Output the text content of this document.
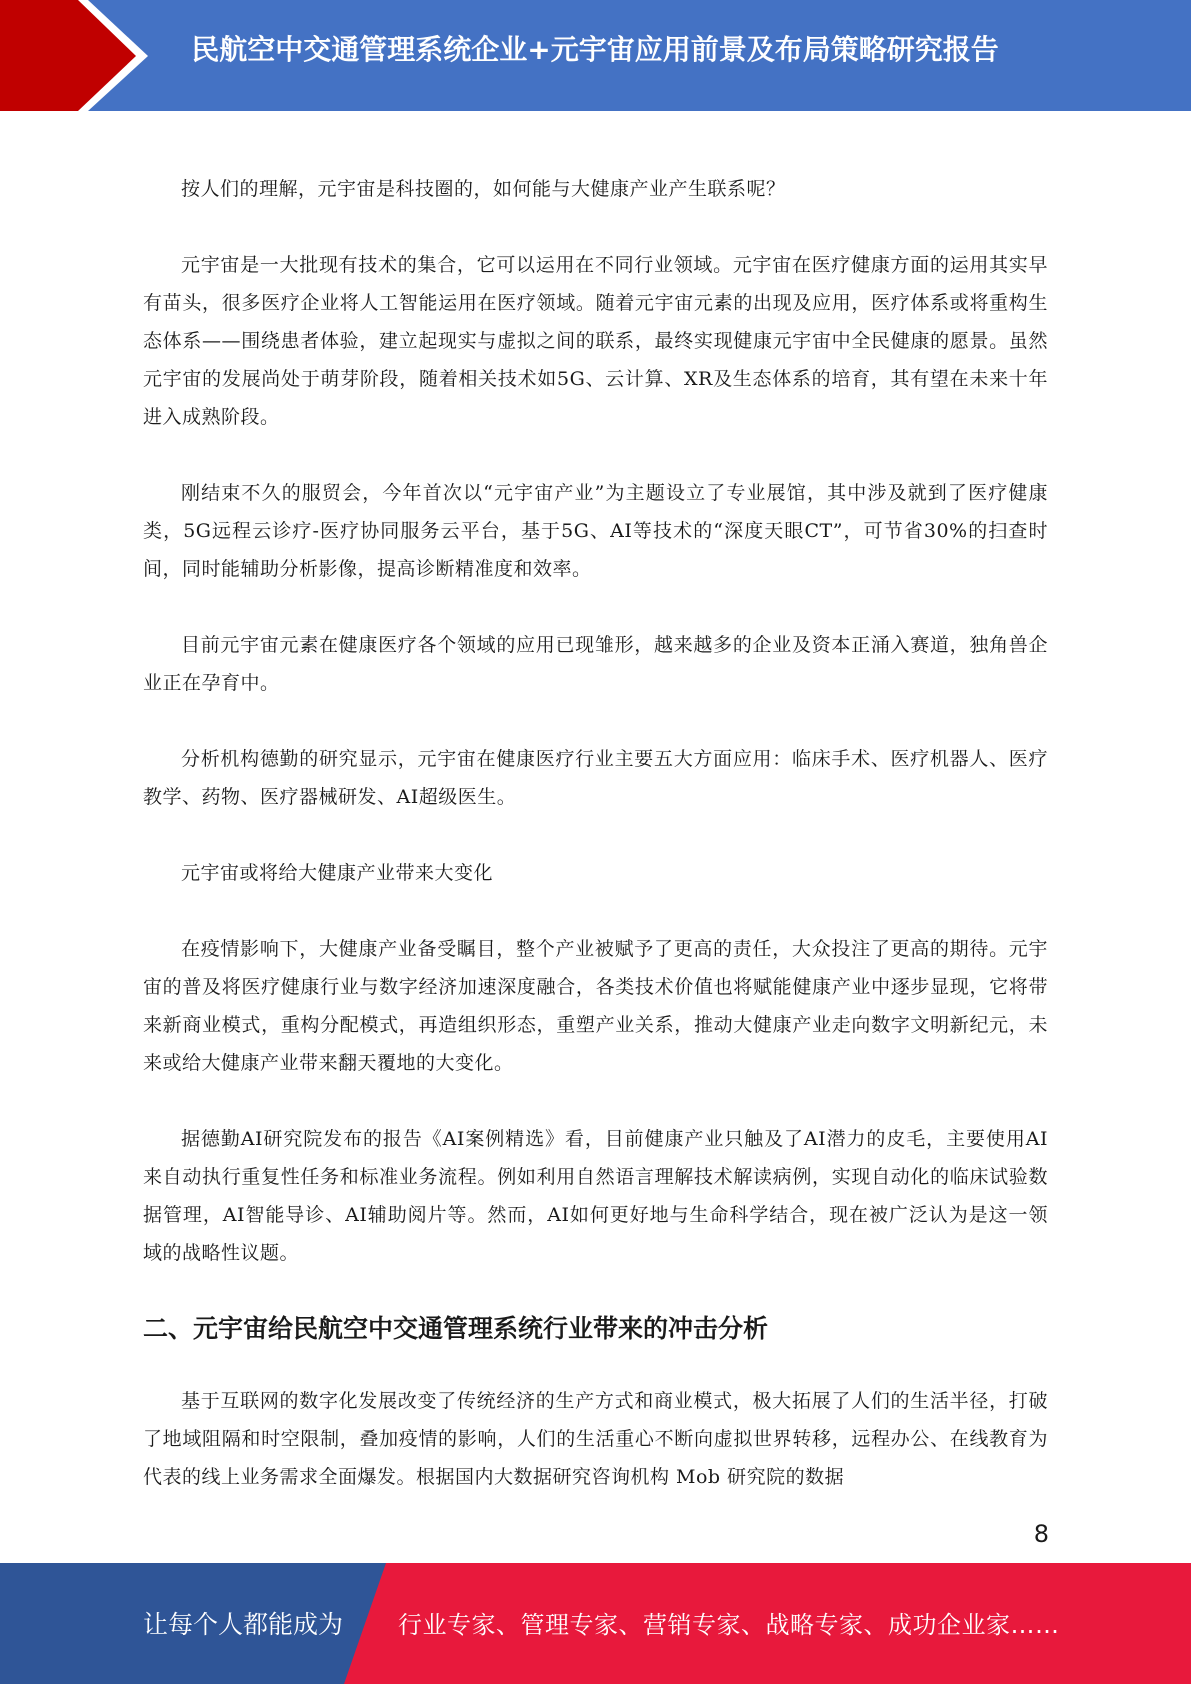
民航空中交通管理系统企业+元宇宙应用前景及布局策略研究报告

按人们的理解，元宇宙是科技圈的，如何能与大健康产业产生联系呢？

元宇宙是一大批现有技术的集合，它可以运用在不同行业领域。元宇宙在医疗健康方面的运用其实早有苗头，很多医疗企业将人工智能运用在医疗领域。随着元宇宙元素的出现及应用，医疗体系或将重构生态体系——围绕患者体验，建立起现实与虚拟之间的联系，最终实现健康元宇宙中全民健康的愿景。虽然元宇宙的发展尚处于萌芽阶段，随着相关技术如5G、云计算、XR及生态体系的培育，其有望在未来十年进入成熟阶段。

刚结束不久的服贸会，今年首次以“元宇宙产业”为主题设立了专业展馆，其中涉及就到了医疗健康类，5G远程云诊疗-医疗协同服务云平台，基于5G、AI等技术的“深度天眼CT”，可节省30%的扫查时间，同时能辅助分析影像，提高诊断精准度和效率。

目前元宇宙元素在健康医疗各个领域的应用已现雏形，越来越多的企业及资本正涌入赛道，独角兽企业正在孕育中。

分析机构德勤的研究显示，元宇宙在健康医疗行业主要五大方面应用：临床手术、医疗机器人、医疗教学、药物、医疗器械研发、AI超级医生。

元宇宙或将给大健康产业带来大变化

在疫情影响下，大健康产业备受瞩目，整个产业被赋予了更高的责任，大众投注了更高的期待。元宇宙的普及将医疗健康行业与数字经济加速深度融合，各类技术价值也将赋能健康产业中逐步显现，它将带来新商业模式，重构分配模式，再造组织形态，重塑产业关系，推动大健康产业走向数字文明新纪元，未来或给大健康产业带来翻天覆地的大变化。

据德勤AI研究院发布的报告《AI案例精选》看，目前健康产业只触及了AI潜力的皮毛，主要使用AI来自动执行重复性任务和标准业务流程。例如利用自然语言理解技术解读病例，实现自动化的临床试验数据管理，AI智能导诊、AI辅助阅片等。然而，AI如何更好地与生命科学结合，现在被广泛认为是这一领域的战略性议题。

二、元宇宙给民航空中交通管理系统行业带来的冲击分析

基于互联网的数字化发展改变了传统经济的生产方式和商业模式，极大拓展了人们的生活半径，打破了地域阻隔和时空限制，叠加疫情的影响，人们的生活重心不断向虚拟世界转移，远程办公、在线教育为代表的线上业务需求全面爆发。根据国内大数据研究咨询机构 Mob 研究院的数据

8
让每个人都能成为 行业专家、管理专家、营销专家、战略专家、成功企业家……
